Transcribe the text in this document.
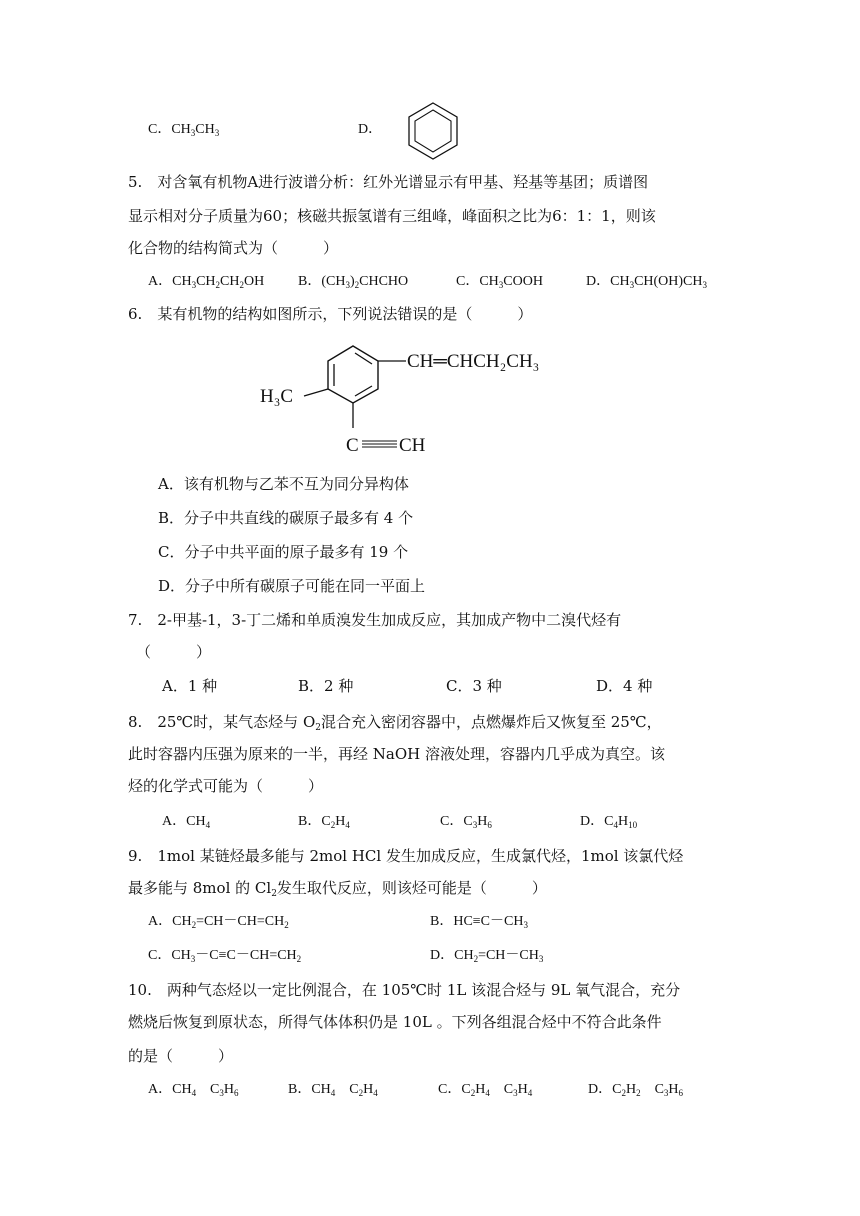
C．$CH_3CH_3$	D．
5.　 对含氧有机物A进行波谱分析：红外光谱显示有甲基、羟基等基团；质谱图
显示相对分子质量为60；核磁共振氢谱有三组峰，峰面积之比为6：1：1，则该
化合物的结构简式为（　　　）
A．$CH_3CH_2CH_2OH$ B．$(CH_3)_2CHCHO$	C．$CH_3COOH$	D．$CH_3CH(OH)CH_3$
6.　 某有机物的结构如图所示，下列说法错误的是（　　　）
CH═CHCH₂CH₃
H₃C
C CH
A．该有机物与乙苯不互为同分异构体
B．分子中共直线的碳原子最多有 4 个
C．分子中共平面的原子最多有 19 个
D．分子中所有碳原子可能在同一平面上
7.　 2-甲基-1，3-丁二烯和单质溴发生加成反应，其加成产物中二溴代烃有
（　　　）
A．1 种	B．2 种	C．3 种	D．4 种
8.　25℃时，某气态烃与 $O_2$混合充入密闭容器中，点燃爆炸后又恢复至 25℃，
此时容器内压强为原来的一半，再经 NaOH 溶液处理，容器内几乎成为真空。该
烃的化学式可能为（　　　）
A．$CH_4$	B．$C_2H_4$	C．$C_3H_6$	D．$C_4H_{10}$
9.　 1mol 某链烃最多能与 2mol HCl 发生加成反应，生成氯代烃，1mol 该氯代烃
最多能与 8mol 的 $Cl_2$发生取代反应，则该烃可能是（　　　）
A．$CH_2=CH-CH=CH_2$	B．$HC\equiv C-CH_3$
C．$CH_3-C\equiv C-CH=CH_2$	D．$CH_2=CH-CH_3$
10.　 两种气态烃以一定比例混合，在 105℃时 1L 该混合烃与 9L 氧气混合，充分
燃烧后恢复到原状态，所得气体体积仍是 10L 。下列各组混合烃中不符合此条件
的是（　　　）
A．$CH_4$　$C_3H_6$	B．$CH_4$　$C_2H_4$	C．$C_2H_4$　$C_3H_4$	D．$C_2H_2$　$C_3H_6$
